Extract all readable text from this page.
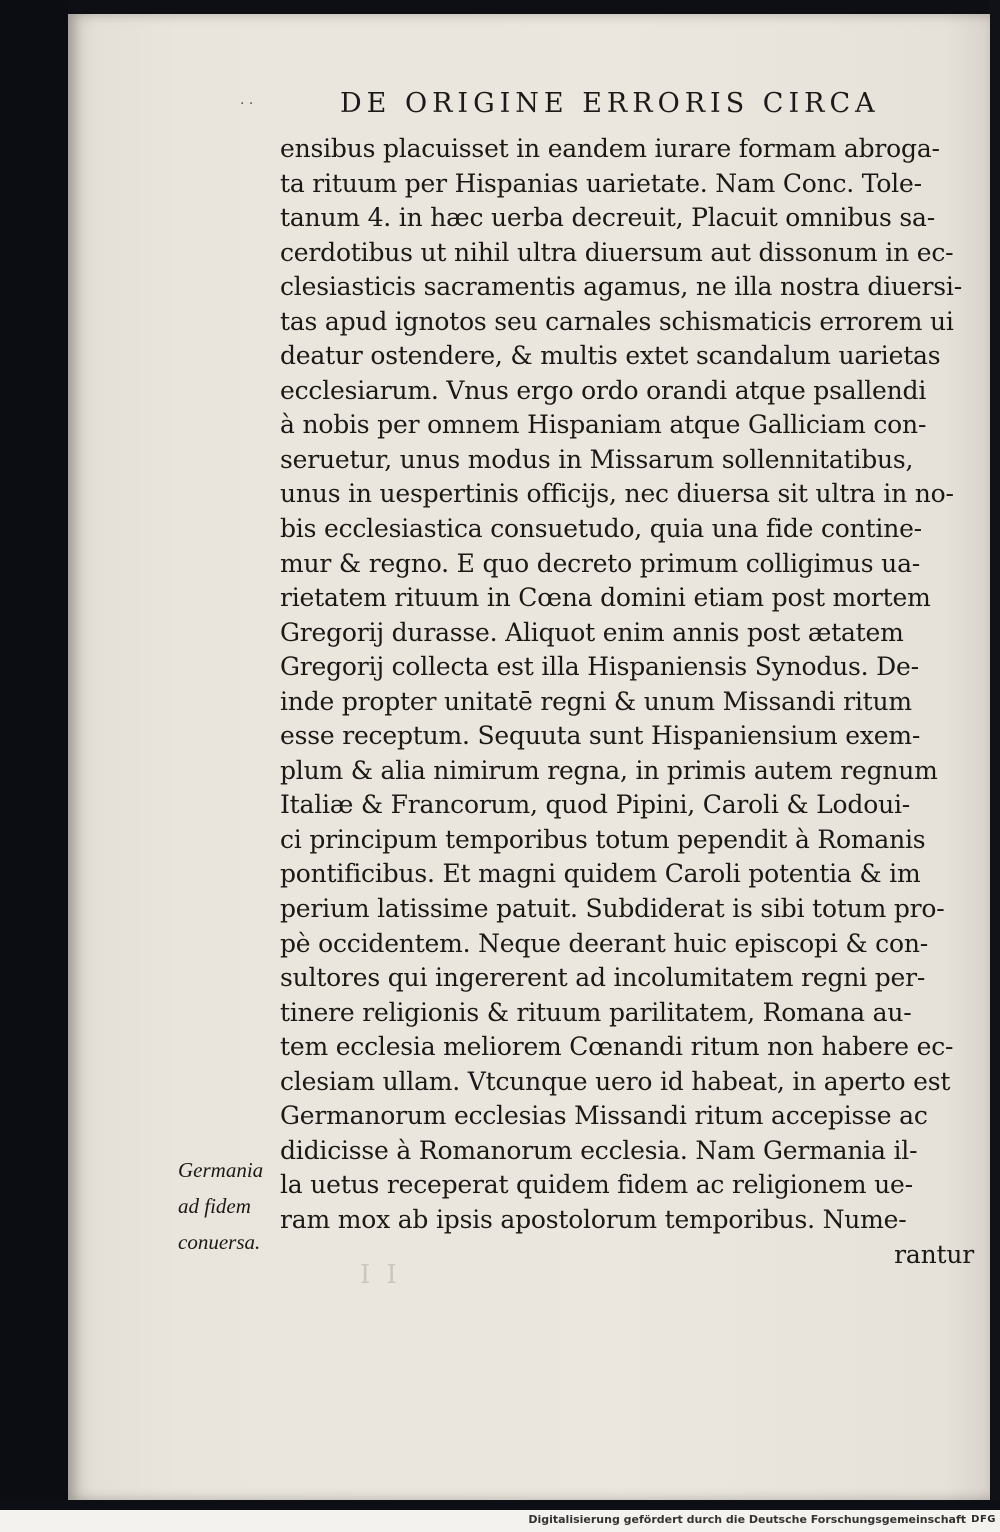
· ·	DE ORIGINE ERRORIS CIRCA
ensibus placuisset in eandem iurare formam abroga-
ta rituum per Hispanias uarietate. Nam Conc. Tole-
tanum 4. in hæc uerba decreuit, Placuit omnibus sa-
cerdotibus ut nihil ultra diuersum aut dissonum in ec-
clesiasticis sacramentis agamus, ne illa nostra diuersi-
tas apud ignotos seu carnales schismaticis errorem ui
deatur ostendere, & multis extet scandalum uarietas
ecclesiarum. Vnus ergo ordo orandi atque psallendi
à nobis per omnem Hispaniam atque Galliciam con-
seruetur, unus modus in Missarum sollennitatibus,
unus in uespertinis officijs, nec diuersa sit ultra in no-
bis ecclesiastica consuetudo, quia una fide contine-
mur & regno. E quo decreto primum colligimus ua-
rietatem rituum in Cœna domini etiam post mortem
Gregorij durasse. Aliquot enim annis post ætatem
Gregorij collecta est illa Hispaniensis Synodus. De-
inde propter unitatē regni & unum Missandi ritum
esse receptum. Sequuta sunt Hispaniensium exem-
plum & alia nimirum regna, in primis autem regnum
Italiæ & Francorum, quod Pipini, Caroli & Lodoui-
ci principum temporibus totum pependit à Romanis
pontificibus. Et magni quidem Caroli potentia & im
perium latissime patuit. Subdiderat is sibi totum pro-
pè occidentem. Neque deerant huic episcopi & con-
sultores qui ingererent ad incolumitatem regni per-
tinere religionis & rituum parilitatem, Romana au-
tem ecclesia meliorem Cœnandi ritum non habere ec-
clesiam ullam. Vtcunque uero id habeat, in aperto est
Germanorum ecclesias Missandi ritum accepisse ac
didicisse à Romanorum ecclesia. Nam Germania il-
la uetus receperat quidem fidem ac religionem ue-
ram mox ab ipsis apostolorum temporibus. Nume-
rantur
Germania
ad fidem
conuersa.
I I
Digitalisierung gefördert durch die Deutsche Forschungsgemeinschaft DFG
